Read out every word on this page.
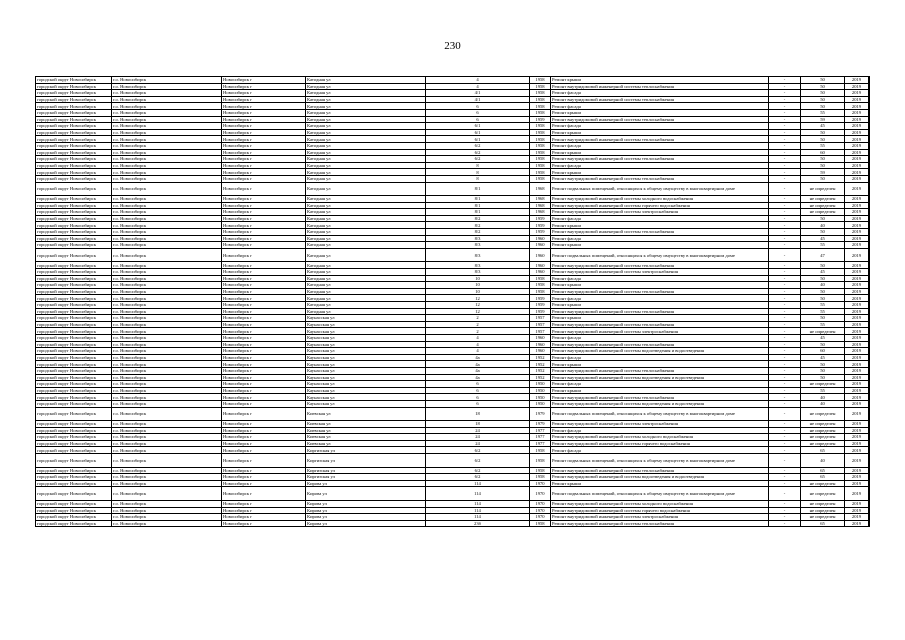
230
городской округ Новосибирск	г.о. Новосибирск	Новосибирск г	Катодная ул	4	1958	Ремонт крыши	-	50	2019	
городской округ Новосибирск	г.о. Новосибирск	Новосибирск г	Катодная ул	4	1958	Ремонт внутридомовой инженерной системы теплоснабжения	-	50	2019	
городской округ Новосибирск	г.о. Новосибирск	Новосибирск г	Катодная ул	4/1	1958	Ремонт фасада	-	50	2019	
городской округ Новосибирск	г.о. Новосибирск	Новосибирск г	Катодная ул	4/1	1958	Ремонт внутридомовой инженерной системы теплоснабжения	-	50	2019	
городской округ Новосибирск	г.о. Новосибирск	Новосибирск г	Катодная ул	6	1958	Ремонт фасада	-	50	2019	
городской округ Новосибирск	г.о. Новосибирск	Новосибирск г	Катодная ул	6	1958	Ремонт крыши	-	55	2019	
городской округ Новосибирск	г.о. Новосибирск	Новосибирск г	Катодная ул	6	1959	Ремонт внутридомовой инженерной системы теплоснабжения	-	59	2019	
городской округ Новосибирск	г.о. Новосибирск	Новосибирск г	Катодная ул	6/1	1958	Ремонт фасада	-	45	2019	
городской округ Новосибирск	г.о. Новосибирск	Новосибирск г	Катодная ул	6/1	1958	Ремонт крыши	-	50	2019	
городской округ Новосибирск	г.о. Новосибирск	Новосибирск г	Катодная ул	6/1	1958	Ремонт внутридомовой инженерной системы теплоснабжения	-	50	2019	
городской округ Новосибирск	г.о. Новосибирск	Новосибирск г	Катодная ул	6/2	1958	Ремонт фасада	-	55	2019	
городской округ Новосибирск	г.о. Новосибирск	Новосибирск г	Катодная ул	6/2	1958	Ремонт крыши	-	60	2019	
городской округ Новосибирск	г.о. Новосибирск	Новосибирск г	Катодная ул	6/2	1958	Ремонт внутридомовой инженерной системы теплоснабжения	-	50	2019	
городской округ Новосибирск	г.о. Новосибирск	Новосибирск г	Катодная ул	8	1958	Ремонт фасада	-	50	2019	
городской округ Новосибирск	г.о. Новосибирск	Новосибирск г	Катодная ул	8	1958	Ремонт крыши	-	59	2019	
городской округ Новосибирск	г.о. Новосибирск	Новосибирск г	Катодная ул	8	1958	Ремонт внутридомовой инженерной системы теплоснабжения	-	50	2019	
городской округ Новосибирск	г.о. Новосибирск	Новосибирск г	Катодная ул	8/1	1968	Ремонт подвальных помещений, относящихся к общему имуществу в многоквартирном доме	-	не определен	2019	
городской округ Новосибирск	г.о. Новосибирск	Новосибирск г	Катодная ул	8/1	1968	Ремонт внутридомовой инженерной системы холодного водоснабжения	-	не определен	2019	
городской округ Новосибирск	г.о. Новосибирск	Новосибирск г	Катодная ул	8/1	1968	Ремонт внутридомовой инженерной системы горячего водоснабжения	-	не определен	2019	
городской округ Новосибирск	г.о. Новосибирск	Новосибирск г	Катодная ул	8/1	1968	Ремонт внутридомовой инженерной системы электроснабжения	-	не определен	2019	
городской округ Новосибирск	г.о. Новосибирск	Новосибирск г	Катодная ул	8/2	1959	Ремонт фасада	-	50	2019	
городской округ Новосибирск	г.о. Новосибирск	Новосибирск г	Катодная ул	8/2	1959	Ремонт крыши	-	40	2019	
городской округ Новосибирск	г.о. Новосибирск	Новосибирск г	Катодная ул	8/2	1959	Ремонт внутридомовой инженерной системы теплоснабжения	-	50	2019	
городской округ Новосибирск	г.о. Новосибирск	Новосибирск г	Катодная ул	8/3	1960	Ремонт фасада	-	45	2019	
городской округ Новосибирск	г.о. Новосибирск	Новосибирск г	Катодная ул	8/3	1960	Ремонт крыши	-	55	2019	
городской округ Новосибирск	г.о. Новосибирск	Новосибирск г	Катодная ул	8/3	1960	Ремонт подвальных помещений, относящихся к общему имуществу в многоквартирном доме	-	47	2019	
городской округ Новосибирск	г.о. Новосибирск	Новосибирск г	Катодная ул	8/3	1960	Ремонт внутридомовой инженерной системы теплоснабжения	-	50	2019	
городской округ Новосибирск	г.о. Новосибирск	Новосибирск г	Катодная ул	8/3	1960	Ремонт внутридомовой инженерной системы электроснабжения	-	45	2019	
городской округ Новосибирск	г.о. Новосибирск	Новосибирск г	Катодная ул	10	1958	Ремонт фасада	-	50	2019	
городской округ Новосибирск	г.о. Новосибирск	Новосибирск г	Катодная ул	10	1958	Ремонт крыши	-	40	2019	
городской округ Новосибирск	г.о. Новосибирск	Новосибирск г	Катодная ул	10	1958	Ремонт внутридомовой инженерной системы теплоснабжения	-	50	2019	
городской округ Новосибирск	г.о. Новосибирск	Новосибирск г	Катодная ул	12	1959	Ремонт фасада	-	50	2019	
городской округ Новосибирск	г.о. Новосибирск	Новосибирск г	Катодная ул	12	1959	Ремонт крыши	-	55	2019	
городской округ Новосибирск	г.о. Новосибирск	Новосибирск г	Катодная ул	12	1959	Ремонт внутридомовой инженерной системы теплоснабжения	-	55	2019	
городской округ Новосибирск	г.о. Новосибирск	Новосибирск г	Каунасская ул	2	1957	Ремонт крыши	-	50	2019	
городской округ Новосибирск	г.о. Новосибирск	Новосибирск г	Каунасская ул	2	1957	Ремонт внутридомовой инженерной системы теплоснабжения	-	55	2019	
городской округ Новосибирск	г.о. Новосибирск	Новосибирск г	Каунасская ул	2	1957	Ремонт внутридомовой инженерной системы электроснабжения	-	не определен	2019	
городской округ Новосибирск	г.о. Новосибирск	Новосибирск г	Каунасская ул	4	1960	Ремонт фасада	-	45	2019	
городской округ Новосибирск	г.о. Новосибирск	Новосибирск г	Каунасская ул	4	1960	Ремонт внутридомовой инженерной системы теплоснабжения	-	50	2019	
городской округ Новосибирск	г.о. Новосибирск	Новосибирск г	Каунасская ул	4	1960	Ремонт внутридомовой инженерной системы водоотведения и водоотведения	-	60	2019	
городской округ Новосибирск	г.о. Новосибирск	Новосибирск г	Каунасская ул	4а	1952	Ремонт фасада	-	45	2019	
городской округ Новосибирск	г.о. Новосибирск	Новосибирск г	Каунасская ул	4а	1952	Ремонт крыши	-	50	2019	
городской округ Новосибирск	г.о. Новосибирск	Новосибирск г	Каунасская ул	4а	1952	Ремонт внутридомовой инженерной системы теплоснабжения	-	50	2019	
городской округ Новосибирск	г.о. Новосибирск	Новосибирск г	Каунасская ул	4а	1952	Ремонт внутридомовой инженерной системы водоотведения и водоотведения	-	50	2019	
городской округ Новосибирск	г.о. Новосибирск	Новосибирск г	Каунасская ул	6	1950	Ремонт фасада	-	не определен	2019	
городской округ Новосибирск	г.о. Новосибирск	Новосибирск г	Каунасская ул	6	1950	Ремонт крыши	-	55	2019	
городской округ Новосибирск	г.о. Новосибирск	Новосибирск г	Каунасская ул	6	1950	Ремонт внутридомовой инженерной системы теплоснабжения	-	40	2019	
городской округ Новосибирск	г.о. Новосибирск	Новосибирск г	Каунасская ул	6	1950	Ремонт внутридомовой инженерной системы водоотведения и водоотведения	-	40	2019	
городской округ Новосибирск	г.о. Новосибирск	Новосибирск г	Киевская ул	18	1979	Ремонт подвальных помещений, относящихся к общему имуществу в многоквартирном доме	-	не определен	2019	
городской округ Новосибирск	г.о. Новосибирск	Новосибирск г	Киевская ул	18	1979	Ремонт внутридомовой инженерной системы электроснабжения	-	не определен	2019	
городской округ Новосибирск	г.о. Новосибирск	Новосибирск г	Киевская ул	24	1977	Ремонт фасада	-	не определен	2019	
городской округ Новосибирск	г.о. Новосибирск	Новосибирск г	Киевская ул	24	1977	Ремонт внутридомовой инженерной системы холодного водоснабжения	-	не определен	2019	
городской округ Новосибирск	г.о. Новосибирск	Новосибирск г	Киевская ул	24	1977	Ремонт внутридомовой инженерной системы горячего водоснабжения	-	не определен	2019	
городской округ Новосибирск	г.о. Новосибирск	Новосибирск г	Киргизская ул	6/2	1958	Ремонт фасада	-	65	2019	
городской округ Новосибирск	г.о. Новосибирск	Новосибирск г	Киргизская ул	6/2	1958	Ремонт подвальных помещений, относящихся к общему имуществу в многоквартирном доме	-	40	2019	
городской округ Новосибирск	г.о. Новосибирск	Новосибирск г	Киргизская ул	6/2	1958	Ремонт внутридомовой инженерной системы теплоснабжения	-	65	2019	
городской округ Новосибирск	г.о. Новосибирск	Новосибирск г	Киргизская ул	6/2	1958	Ремонт внутридомовой инженерной системы водоотведения и водоотведения	-	65	2019	
городской округ Новосибирск	г.о. Новосибирск	Новосибирск г	Кирова ул	114	1970	Ремонт крыши	-	не определен	2019	
городской округ Новосибирск	г.о. Новосибирск	Новосибирск г	Кирова ул	114	1970	Ремонт подвальных помещений, относящихся к общему имуществу в многоквартирном доме	-	не определен	2019	
городской округ Новосибирск	г.о. Новосибирск	Новосибирск г	Кирова ул	114	1970	Ремонт внутридомовой инженерной системы холодного водоснабжения	-	не определен	2019	
городской округ Новосибирск	г.о. Новосибирск	Новосибирск г	Кирова ул	114	1970	Ремонт внутридомовой инженерной системы горячего водоснабжения	-	не определен	2019	
городской округ Новосибирск	г.о. Новосибирск	Новосибирск г	Кирова ул	114	1970	Ремонт внутридомовой инженерной системы электроснабжения	-	не определен	2019	
городской округ Новосибирск	г.о. Новосибирск	Новосибирск г	Кирова ул	23б	1958	Ремонт внутридомовой инженерной системы теплоснабжения	-	65	2019	
